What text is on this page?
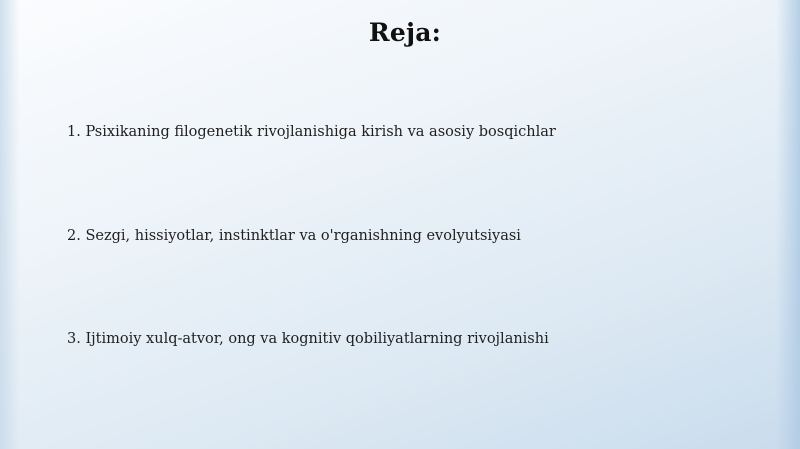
Reja:
1. Psixikaning filogenetik rivojlanishiga kirish va asosiy bosqichlar
2. Sezgi, hissiyotlar, instinktlar va o'rganishning evolyutsiyasi
3. Ijtimoiy xulq-atvor, ong va kognitiv qobiliyatlarning rivojlanishi
